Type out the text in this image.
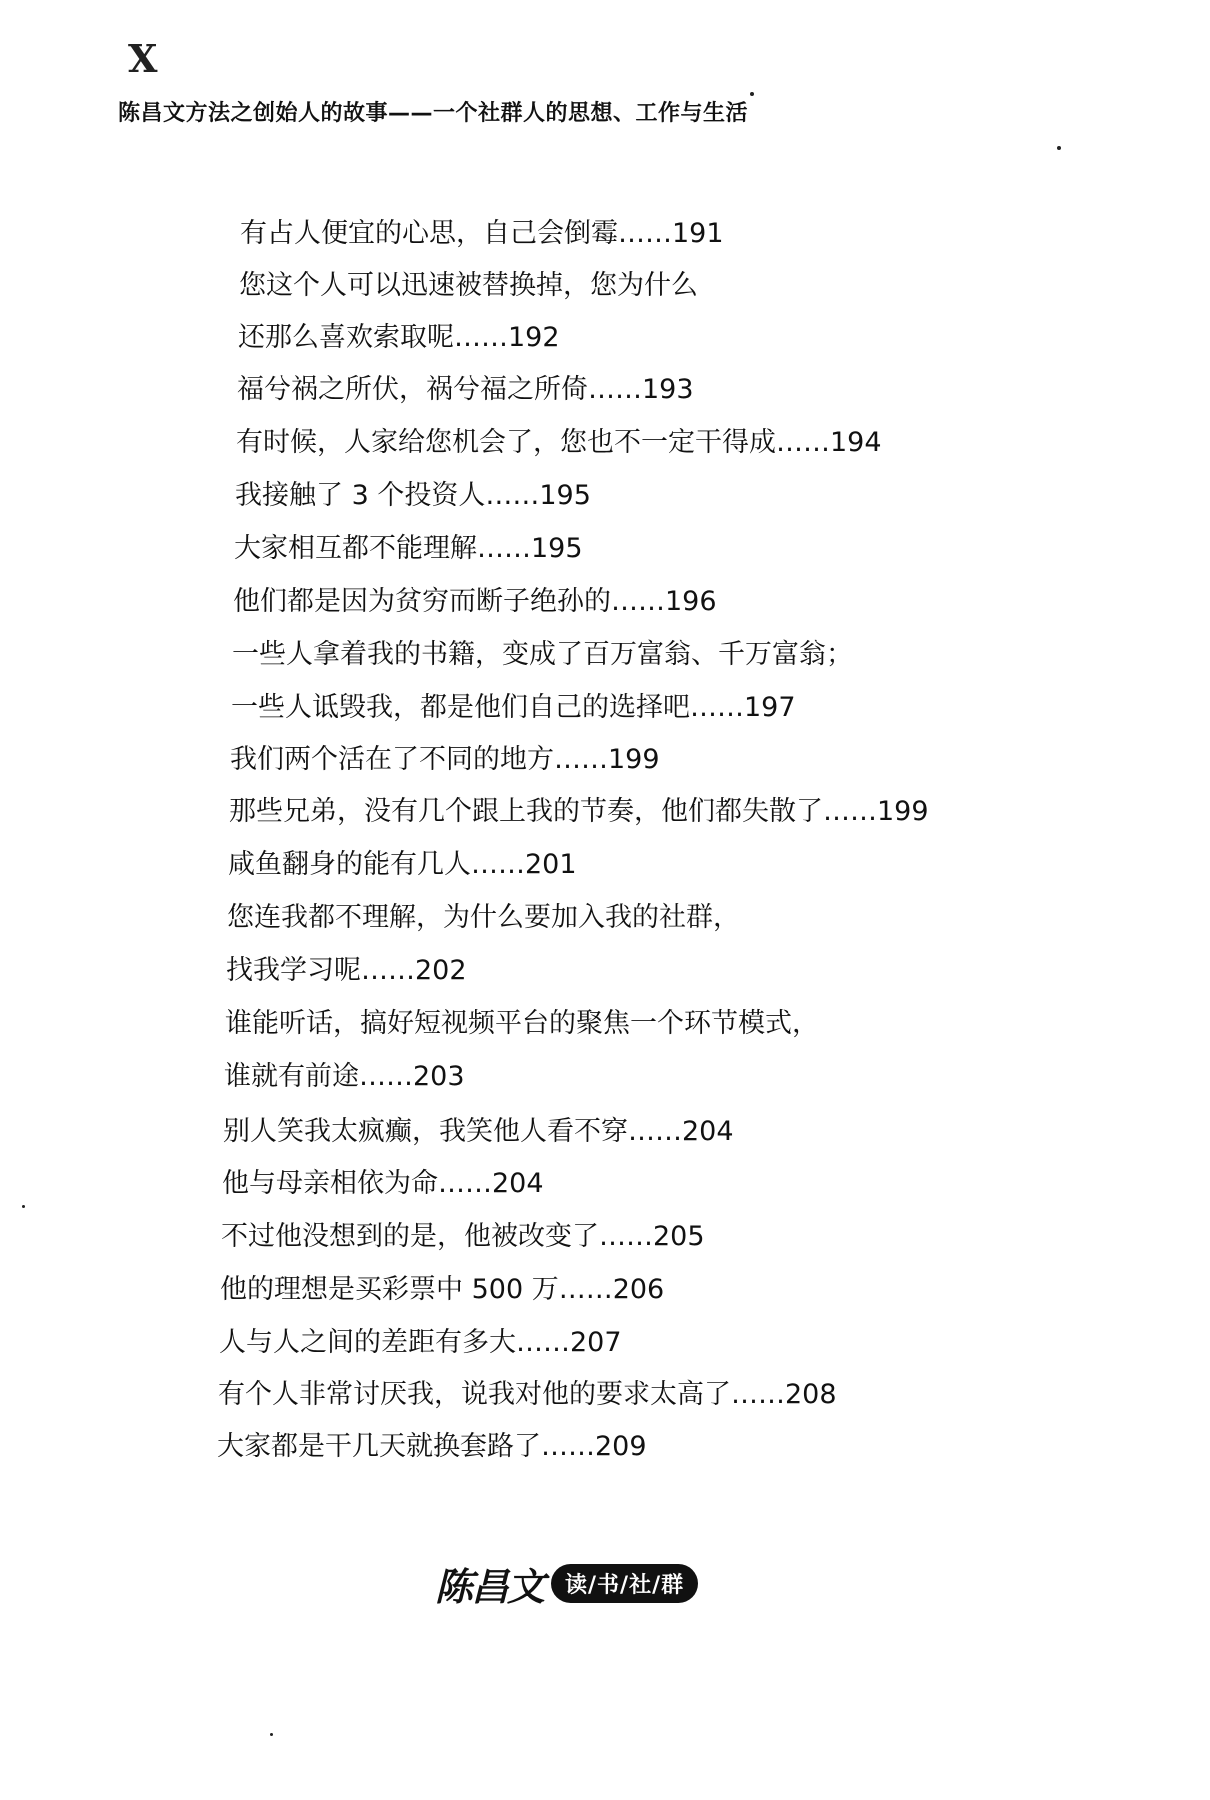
X
陈昌文方法之创始人的故事——一个社群人的思想、工作与生活
有占人便宜的心思，自己会倒霉……191
您这个人可以迅速被替换掉，您为什么
还那么喜欢索取呢……192
福兮祸之所伏，祸兮福之所倚……193
有时候，人家给您机会了，您也不一定干得成……194
我接触了 3 个投资人……195
大家相互都不能理解……195
他们都是因为贫穷而断子绝孙的……196
一些人拿着我的书籍，变成了百万富翁、千万富翁；
一些人诋毁我，都是他们自己的选择吧……197
我们两个活在了不同的地方……199
那些兄弟，没有几个跟上我的节奏，他们都失散了……199
咸鱼翻身的能有几人……201
您连我都不理解，为什么要加入我的社群，
找我学习呢……202
谁能听话，搞好短视频平台的聚焦一个环节模式，
谁就有前途……203
别人笑我太疯癫，我笑他人看不穿……204
他与母亲相依为命……204
不过他没想到的是，他被改变了……205
他的理想是买彩票中 500 万……206
人与人之间的差距有多大……207
有个人非常讨厌我，说我对他的要求太高了……208
大家都是干几天就换套路了……209
陈昌文	读/书/社/群
